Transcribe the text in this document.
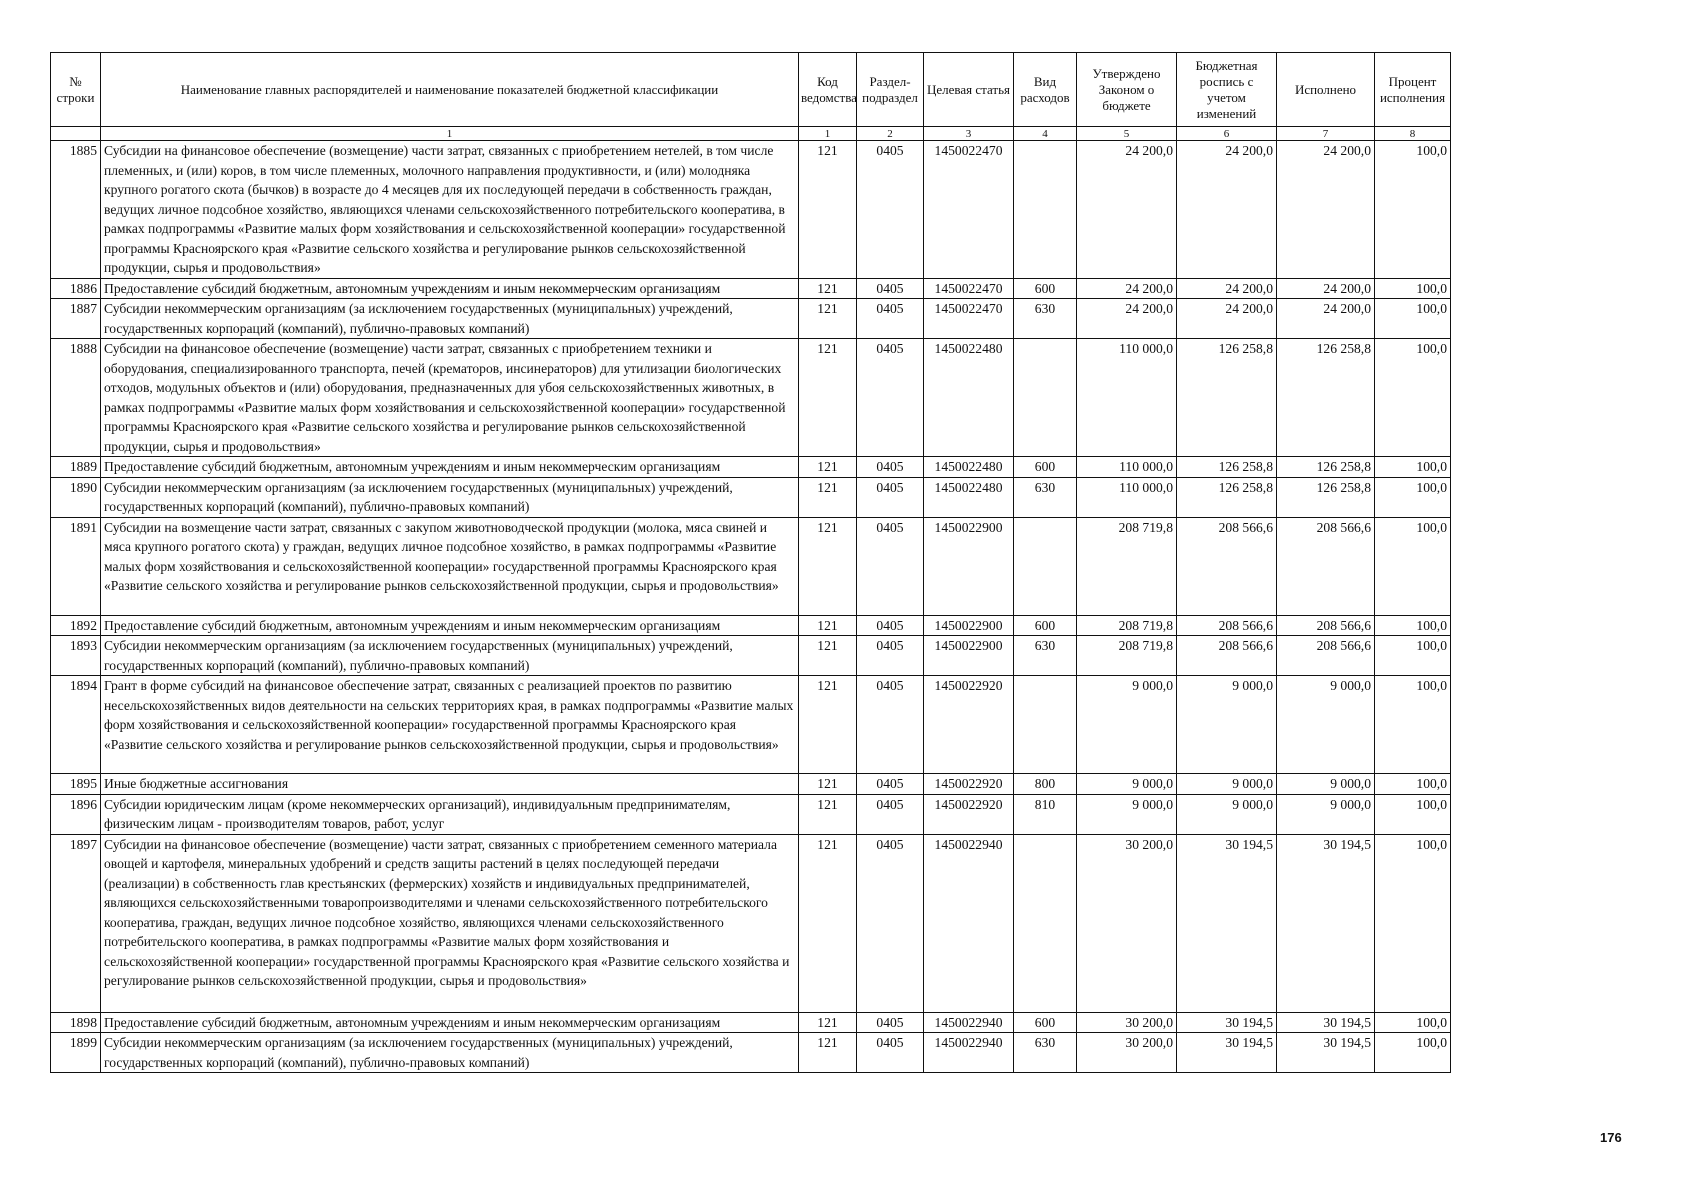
№ строки	Наименование главных распорядителей и наименование показателей бюджетной классификации	Код ведомства	Раздел-подраздел	Целевая статья	Вид расходов	Утверждено Законом о бюджете	Бюджетная роспись с учетом изменений	Исполнено	Процент исполнения
	1	1	2	3	4	5	6	7	8
1885	Субсидии на финансовое обеспечение (возмещение) части затрат, связанных с приобретением нетелей, в том числе племенных, и (или) коров, в том числе племенных, молочного направления продуктивности, и (или) молодняка крупного рогатого скота (бычков) в возрасте до 4 месяцев для их последующей передачи в собственность граждан, ведущих личное подсобное хозяйство, являющихся членами сельскохозяйственного потребительского кооператива, в рамках подпрограммы «Развитие малых форм хозяйствования и сельскохозяйственной кооперации» государственной программы Красноярского края «Развитие сельского хозяйства и регулирование рынков сельскохозяйственной продукции, сырья и продовольствия»	121	0405	1450022470		24 200,0	24 200,0	24 200,0	100,0
1886	Предоставление субсидий бюджетным, автономным учреждениям и иным некоммерческим организациям	121	0405	1450022470	600	24 200,0	24 200,0	24 200,0	100,0
1887	Субсидии некоммерческим организациям (за исключением государственных (муниципальных) учреждений, государственных корпораций (компаний), публично-правовых компаний)	121	0405	1450022470	630	24 200,0	24 200,0	24 200,0	100,0
1888	Субсидии на финансовое обеспечение (возмещение) части затрат, связанных с приобретением техники и оборудования, специализированного транспорта, печей (крематоров, инсинераторов) для утилизации биологических отходов, модульных объектов и (или) оборудования, предназначенных для убоя сельскохозяйственных животных, в рамках подпрограммы «Развитие малых форм хозяйствования и сельскохозяйственной кооперации» государственной программы Красноярского края «Развитие сельского хозяйства и регулирование рынков сельскохозяйственной продукции, сырья и продовольствия»	121	0405	1450022480		110 000,0	126 258,8	126 258,8	100,0
1889	Предоставление субсидий бюджетным, автономным учреждениям и иным некоммерческим организациям	121	0405	1450022480	600	110 000,0	126 258,8	126 258,8	100,0
1890	Субсидии некоммерческим организациям (за исключением государственных (муниципальных) учреждений, государственных корпораций (компаний), публично-правовых компаний)	121	0405	1450022480	630	110 000,0	126 258,8	126 258,8	100,0
1891	Субсидии на возмещение части затрат, связанных с закупом животноводческой продукции (молока, мяса свиней и мяса крупного рогатого скота) у граждан, ведущих личное подсобное хозяйство, в рамках подпрограммы «Развитие малых форм хозяйствования и сельскохозяйственной кооперации» государственной программы Красноярского края «Развитие сельского хозяйства и регулирование рынков сельскохозяйственной продукции, сырья и продовольствия»	121	0405	1450022900		208 719,8	208 566,6	208 566,6	100,0
1892	Предоставление субсидий бюджетным, автономным учреждениям и иным некоммерческим организациям	121	0405	1450022900	600	208 719,8	208 566,6	208 566,6	100,0
1893	Субсидии некоммерческим организациям (за исключением государственных (муниципальных) учреждений, государственных корпораций (компаний), публично-правовых компаний)	121	0405	1450022900	630	208 719,8	208 566,6	208 566,6	100,0
1894	Грант в форме субсидий на финансовое обеспечение затрат, связанных с реализацией проектов по развитию несельскохозяйственных видов деятельности на сельских территориях края, в рамках подпрограммы «Развитие малых форм хозяйствования и сельскохозяйственной кооперации» государственной программы Красноярского края «Развитие сельского хозяйства и регулирование рынков сельскохозяйственной продукции, сырья и продовольствия»	121	0405	1450022920		9 000,0	9 000,0	9 000,0	100,0
1895	Иные бюджетные ассигнования	121	0405	1450022920	800	9 000,0	9 000,0	9 000,0	100,0
1896	Субсидии юридическим лицам (кроме некоммерческих организаций), индивидуальным предпринимателям, физическим лицам - производителям товаров, работ, услуг	121	0405	1450022920	810	9 000,0	9 000,0	9 000,0	100,0
1897	Субсидии на финансовое обеспечение (возмещение) части затрат, связанных с приобретением семенного материала овощей и картофеля, минеральных удобрений и средств защиты растений в целях последующей передачи (реализации) в собственность глав крестьянских (фермерских) хозяйств и индивидуальных предпринимателей, являющихся сельскохозяйственными товаропроизводителями и членами сельскохозяйственного потребительского кооператива, граждан, ведущих личное подсобное хозяйство, являющихся членами сельскохозяйственного потребительского кооператива, в рамках подпрограммы «Развитие малых форм хозяйствования и сельскохозяйственной кооперации» государственной программы Красноярского края «Развитие сельского хозяйства и регулирование рынков сельскохозяйственной продукции, сырья и продовольствия»	121	0405	1450022940		30 200,0	30 194,5	30 194,5	100,0
1898	Предоставление субсидий бюджетным, автономным учреждениям и иным некоммерческим организациям	121	0405	1450022940	600	30 200,0	30 194,5	30 194,5	100,0
1899	Субсидии некоммерческим организациям (за исключением государственных (муниципальных) учреждений, государственных корпораций (компаний), публично-правовых компаний)	121	0405	1450022940	630	30 200,0	30 194,5	30 194,5	100,0
176
